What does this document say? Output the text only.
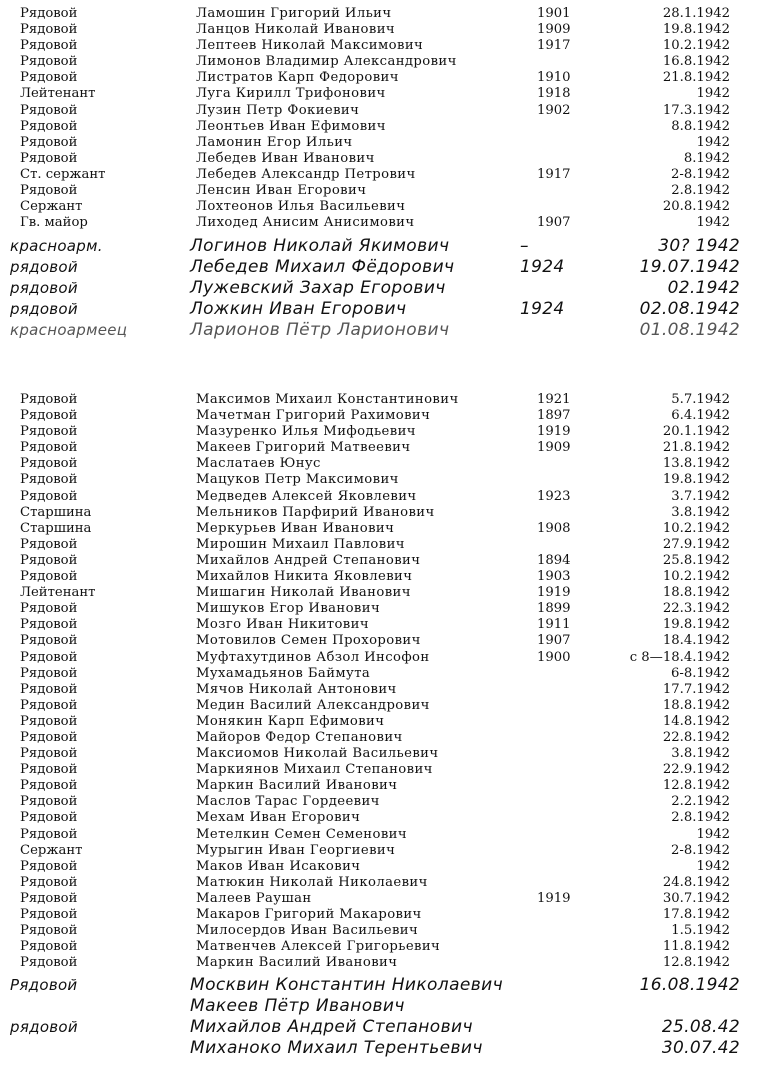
Рядовой	Ламошин Григорий Ильич	1901	28.1.1942
Рядовой	Ланцов Николай Иванович	1909	19.8.1942
Рядовой	Лептеев Николай Максимович	1917	10.2.1942
Рядовой	Лимонов Владимир Александрович	16.8.1942
Рядовой	Листратов Карп Федорович	1910	21.8.1942
Лейтенант	Луга Кирилл Трифонович	1918	1942
Рядовой	Лузин Петр Фокиевич	1902	17.3.1942
Рядовой	Леонтьев Иван Ефимович	8.8.1942
Рядовой	Ламонин Егор Ильич	1942
Рядовой	Лебедев Иван Иванович	8.1942
Ст. сержант	Лебедев Александр Петрович	1917	2-8.1942
Рядовой	Ленсин Иван Егорович	2.8.1942
Сержант	Лохтеонов Илья Васильевич	20.8.1942
Гв. майор	Лиходед Анисим Анисимович	1907	1942
красноарм.	Логинов Николай Якимович	–	30? 1942
рядовой	Лебедев Михаил Фёдорович	1924	19.07.1942
рядовой	Лужевский Захар Егорович	02.1942
рядовой	Ложкин Иван Егорович	1924	02.08.1942
красноармеец	Ларионов Пётр Ларионович	01.08.1942
Рядовой	Максимов Михаил Константинович	1921	5.7.1942
Рядовой	Мачетман Григорий Рахимович	1897	6.4.1942
Рядовой	Мазуренко Илья Мифодьевич	1919	20.1.1942
Рядовой	Макеев Григорий Матвеевич	1909	21.8.1942
Рядовой	Маслатаев Юнус	13.8.1942
Рядовой	Мацуков Петр Максимович	19.8.1942
Рядовой	Медведев Алексей Яковлевич	1923	3.7.1942
Старшина	Мельников Парфирий Иванович	3.8.1942
Старшина	Меркурьев Иван Иванович	1908	10.2.1942
Рядовой	Мирошин Михаил Павлович	27.9.1942
Рядовой	Михайлов Андрей Степанович	1894	25.8.1942
Рядовой	Михайлов Никита Яковлевич	1903	10.2.1942
Лейтенант	Мишагин Николай Иванович	1919	18.8.1942
Рядовой	Мишуков Егор Иванович	1899	22.3.1942
Рядовой	Мозго Иван Никитович	1911	19.8.1942
Рядовой	Мотовилов Семен Прохорович	1907	18.4.1942
Рядовой	Муфтахутдинов Абзол Инсофон	1900	с 8—18.4.1942
Рядовой	Мухамадьянов Баймута	6-8.1942
Рядовой	Мячов Николай Антонович	17.7.1942
Рядовой	Медин Василий Александрович	18.8.1942
Рядовой	Монякин Карп Ефимович	14.8.1942
Рядовой	Майоров Федор Степанович	22.8.1942
Рядовой	Максиомов Николай Васильевич	3.8.1942
Рядовой	Маркиянов Михаил Степанович	22.9.1942
Рядовой	Маркин Василий Иванович	12.8.1942
Рядовой	Маслов Тарас Гордеевич	2.2.1942
Рядовой	Мехам Иван Егорович	2.8.1942
Рядовой	Метелкин Семен Семенович	1942
Сержант	Мурыгин Иван Георгиевич	2-8.1942
Рядовой	Маков Иван Исакович	1942
Рядовой	Матюкин Николай Николаевич	24.8.1942
Рядовой	Малеев Раушан	1919	30.7.1942
Рядовой	Макаров Григорий Макарович	17.8.1942
Рядовой	Милосердов Иван Васильевич	1.5.1942
Рядовой	Матвенчев Алексей Григорьевич	11.8.1942
Рядовой	Маркин Василий Иванович	12.8.1942
Рядовой	Москвин Константин Николаевич	16.08.1942
Макеев Пётр Иванович
рядовой	Михайлов Андрей Степанович	25.08.42
Миханоко Михаил Терентьевич	30.07.42
